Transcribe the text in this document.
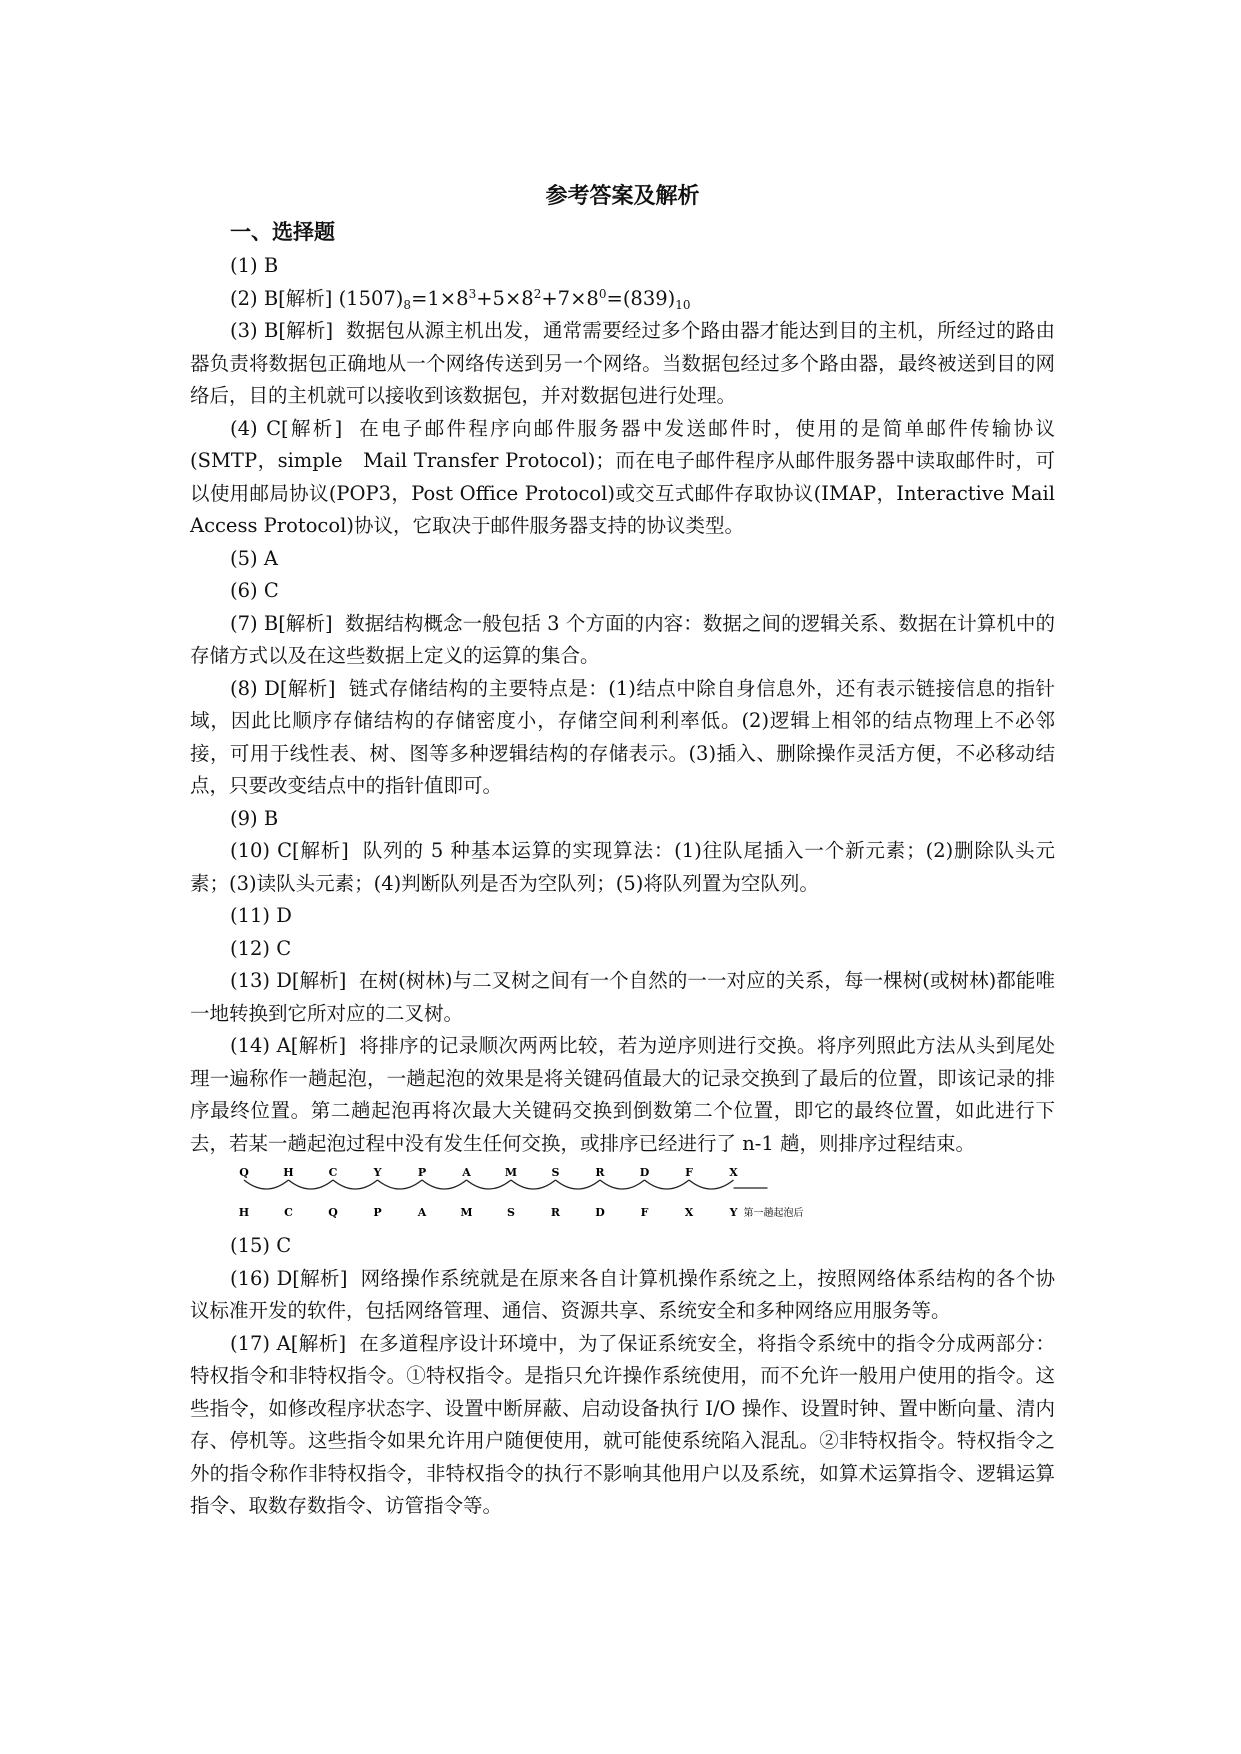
参考答案及解析
一、选择题

(1) B

(2) B[解析] $(1507)_8=1\times 8^3+5\times 8^2+7\times 8^0=(839)_{10}$

(3) B[解析] 数据包从源主机出发，通常需要经过多个路由器才能达到目的主机，所经过的路由器负责将数据包正确地从一个网络传送到另一个网络。当数据包经过多个路由器，最终被送到目的网络后，目的主机就可以接收到该数据包，并对数据包进行处理。

(4) C[解析] 在电子邮件程序向邮件服务器中发送邮件时，使用的是简单邮件传输协议(SMTP，simple　Mail Transfer Protocol)；而在电子邮件程序从邮件服务器中读取邮件时，可以使用邮局协议(POP3，Post Office Protocol)或交互式邮件存取协议(IMAP，Interactive Mail Access Protocol)协议，它取决于邮件服务器支持的协议类型。

(5) A

(6) C

(7) B[解析] 数据结构概念一般包括 3 个方面的内容：数据之间的逻辑关系、数据在计算机中的存储方式以及在这些数据上定义的运算的集合。

(8) D[解析] 链式存储结构的主要特点是：(1)结点中除自身信息外，还有表示链接信息的指针域，因此比顺序存储结构的存储密度小，存储空间利利率低。(2)逻辑上相邻的结点物理上不必邻接，可用于线性表、树、图等多种逻辑结构的存储表示。(3)插入、删除操作灵活方便，不必移动结点，只要改变结点中的指针值即可。

(9) B

(10) C[解析] 队列的 5 种基本运算的实现算法：(1)往队尾插入一个新元素；(2)删除队头元素；(3)读队头元素；(4)判断队列是否为空队列；(5)将队列置为空队列。

(11) D

(12) C

(13) D[解析] 在树(树林)与二叉树之间有一个自然的一一对应的关系，每一棵树(或树林)都能唯一地转换到它所对应的二叉树。

(14) A[解析] 将排序的记录顺次两两比较，若为逆序则进行交换。将序列照此方法从头到尾处理一遍称作一趟起泡，一趟起泡的效果是将关键码值最大的记录交换到了最后的位置，即该记录的排序最终位置。第二趟起泡再将次最大关键码交换到倒数第二个位置，即它的最终位置，如此进行下去，若某一趟起泡过程中没有发生任何交换，或排序已经进行了 n-1 趟，则排序过程结束。

Q	H	C	Y	P	A	M	S	R	D	F	X
H	C	Q	P	A	M	S	R	D	F	X	Y 第一趟起泡后

(15) C

(16) D[解析] 网络操作系统就是在原来各自计算机操作系统之上，按照网络体系结构的各个协议标准开发的软件，包括网络管理、通信、资源共享、系统安全和多种网络应用服务等。

(17) A[解析] 在多道程序设计环境中，为了保证系统安全，将指令系统中的指令分成两部分：特权指令和非特权指令。①特权指令。是指只允许操作系统使用，而不允许一般用户使用的指令。这些指令，如修改程序状态字、设置中断屏蔽、启动设备执行 I/O 操作、设置时钟、置中断向量、清内存、停机等。这些指令如果允许用户随便使用，就可能使系统陷入混乱。②非特权指令。特权指令之外的指令称作非特权指令，非特权指令的执行不影响其他用户以及系统，如算术运算指令、逻辑运算指令、取数存数指令、访管指令等。
